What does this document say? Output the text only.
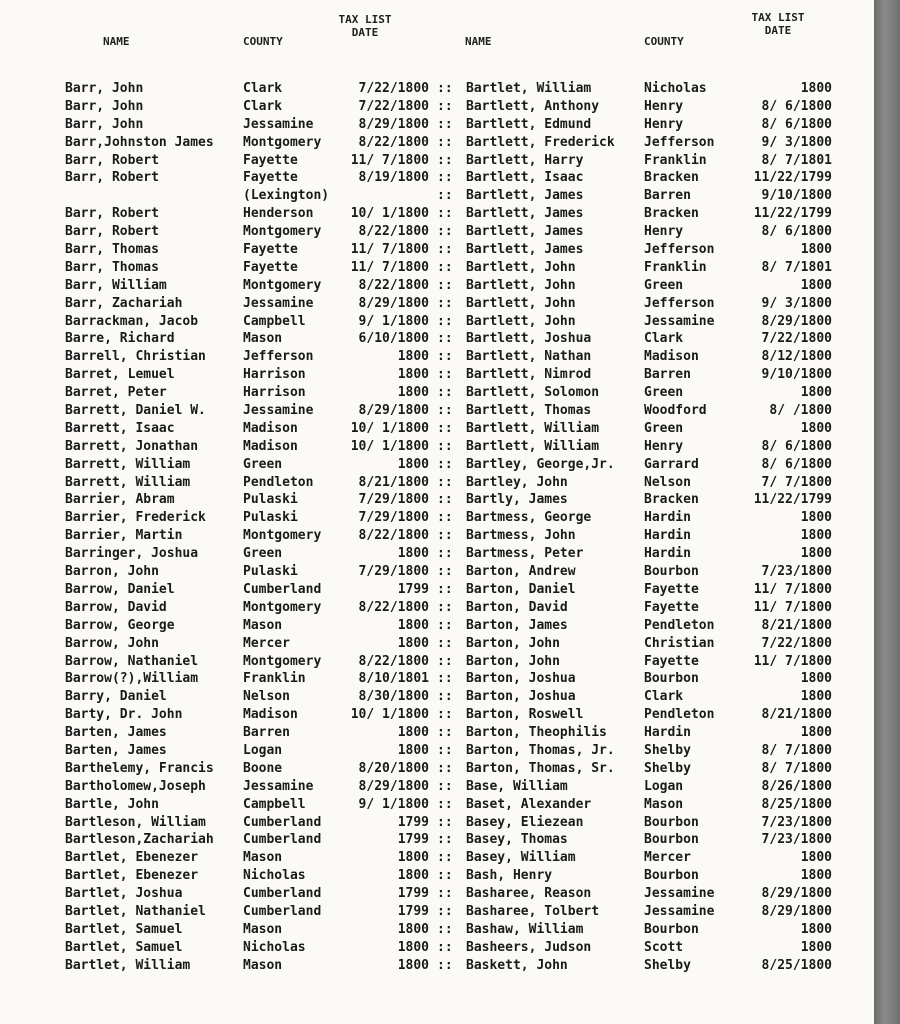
NAME	COUNTY
TAX LIST
DATE
NAME	COUNTY
TAX LIST
DATE
Barr, John	Clark	7/22/1800 :: Bartlet, William	Nicholas	1800
Barr, John	Clark	7/22/1800 :: Bartlett, Anthony	Henry	8/ 6/1800
Barr, John	Jessamine	8/29/1800 :: Bartlett, Edmund	Henry	8/ 6/1800
Barr,Johnston James	Montgomery	8/22/1800 :: Bartlett, Frederick	Jefferson	9/ 3/1800
Barr, Robert	Fayette	11/ 7/1800 :: Bartlett, Harry	Franklin	8/ 7/1801
Barr, Robert	Fayette	8/19/1800 :: Bartlett, Isaac	Bracken	11/22/1799
(Lexington)	:: Bartlett, James	Barren	9/10/1800
Barr, Robert	Henderson	10/ 1/1800 :: Bartlett, James	Bracken	11/22/1799
Barr, Robert	Montgomery	8/22/1800 :: Bartlett, James	Henry	8/ 6/1800
Barr, Thomas	Fayette	11/ 7/1800 :: Bartlett, James	Jefferson	1800
Barr, Thomas	Fayette	11/ 7/1800 :: Bartlett, John	Franklin	8/ 7/1801
Barr, William	Montgomery	8/22/1800 :: Bartlett, John	Green	1800
Barr, Zachariah	Jessamine	8/29/1800 :: Bartlett, John	Jefferson	9/ 3/1800
Barrackman, Jacob	Campbell	9/ 1/1800 :: Bartlett, John	Jessamine	8/29/1800
Barre, Richard	Mason	6/10/1800 :: Bartlett, Joshua	Clark	7/22/1800
Barrell, Christian	Jefferson	1800 :: Bartlett, Nathan	Madison	8/12/1800
Barret, Lemuel	Harrison	1800 :: Bartlett, Nimrod	Barren	9/10/1800
Barret, Peter	Harrison	1800 :: Bartlett, Solomon	Green	1800
Barrett, Daniel W.	Jessamine	8/29/1800 :: Bartlett, Thomas	Woodford	8/ /1800
Barrett, Isaac	Madison	10/ 1/1800 :: Bartlett, William	Green	1800
Barrett, Jonathan	Madison	10/ 1/1800 :: Bartlett, William	Henry	8/ 6/1800
Barrett, William	Green	1800 :: Bartley, George,Jr.	Garrard	8/ 6/1800
Barrett, William	Pendleton	8/21/1800 :: Bartley, John	Nelson	7/ 7/1800
Barrier, Abram	Pulaski	7/29/1800 :: Bartly, James	Bracken	11/22/1799
Barrier, Frederick	Pulaski	7/29/1800 :: Bartmess, George	Hardin	1800
Barrier, Martin	Montgomery	8/22/1800 :: Bartmess, John	Hardin	1800
Barringer, Joshua	Green	1800 :: Bartmess, Peter	Hardin	1800
Barron, John	Pulaski	7/29/1800 :: Barton, Andrew	Bourbon	7/23/1800
Barrow, Daniel	Cumberland	1799 :: Barton, Daniel	Fayette	11/ 7/1800
Barrow, David	Montgomery	8/22/1800 :: Barton, David	Fayette	11/ 7/1800
Barrow, George	Mason	1800 :: Barton, James	Pendleton	8/21/1800
Barrow, John	Mercer	1800 :: Barton, John	Christian	7/22/1800
Barrow, Nathaniel	Montgomery	8/22/1800 :: Barton, John	Fayette	11/ 7/1800
Barrow(?),William	Franklin	8/10/1801 :: Barton, Joshua	Bourbon	1800
Barry, Daniel	Nelson	8/30/1800 :: Barton, Joshua	Clark	1800
Barty, Dr. John	Madison	10/ 1/1800 :: Barton, Roswell	Pendleton	8/21/1800
Barten, James	Barren	1800 :: Barton, Theophilis	Hardin	1800
Barten, James	Logan	1800 :: Barton, Thomas, Jr.	Shelby	8/ 7/1800
Barthelemy, Francis	Boone	8/20/1800 :: Barton, Thomas, Sr.	Shelby	8/ 7/1800
Bartholomew,Joseph	Jessamine	8/29/1800 :: Base, William	Logan	8/26/1800
Bartle, John	Campbell	9/ 1/1800 :: Baset, Alexander	Mason	8/25/1800
Bartleson, William	Cumberland	1799 :: Basey, Eliezean	Bourbon	7/23/1800
Bartleson,Zachariah	Cumberland	1799 :: Basey, Thomas	Bourbon	7/23/1800
Bartlet, Ebenezer	Mason	1800 :: Basey, William	Mercer	1800
Bartlet, Ebenezer	Nicholas	1800 :: Bash, Henry	Bourbon	1800
Bartlet, Joshua	Cumberland	1799 :: Basharee, Reason	Jessamine	8/29/1800
Bartlet, Nathaniel	Cumberland	1799 :: Basharee, Tolbert	Jessamine	8/29/1800
Bartlet, Samuel	Mason	1800 :: Bashaw, William	Bourbon	1800
Bartlet, Samuel	Nicholas	1800 :: Basheers, Judson	Scott	1800
Bartlet, William	Mason	1800 :: Baskett, John	Shelby	8/25/1800
